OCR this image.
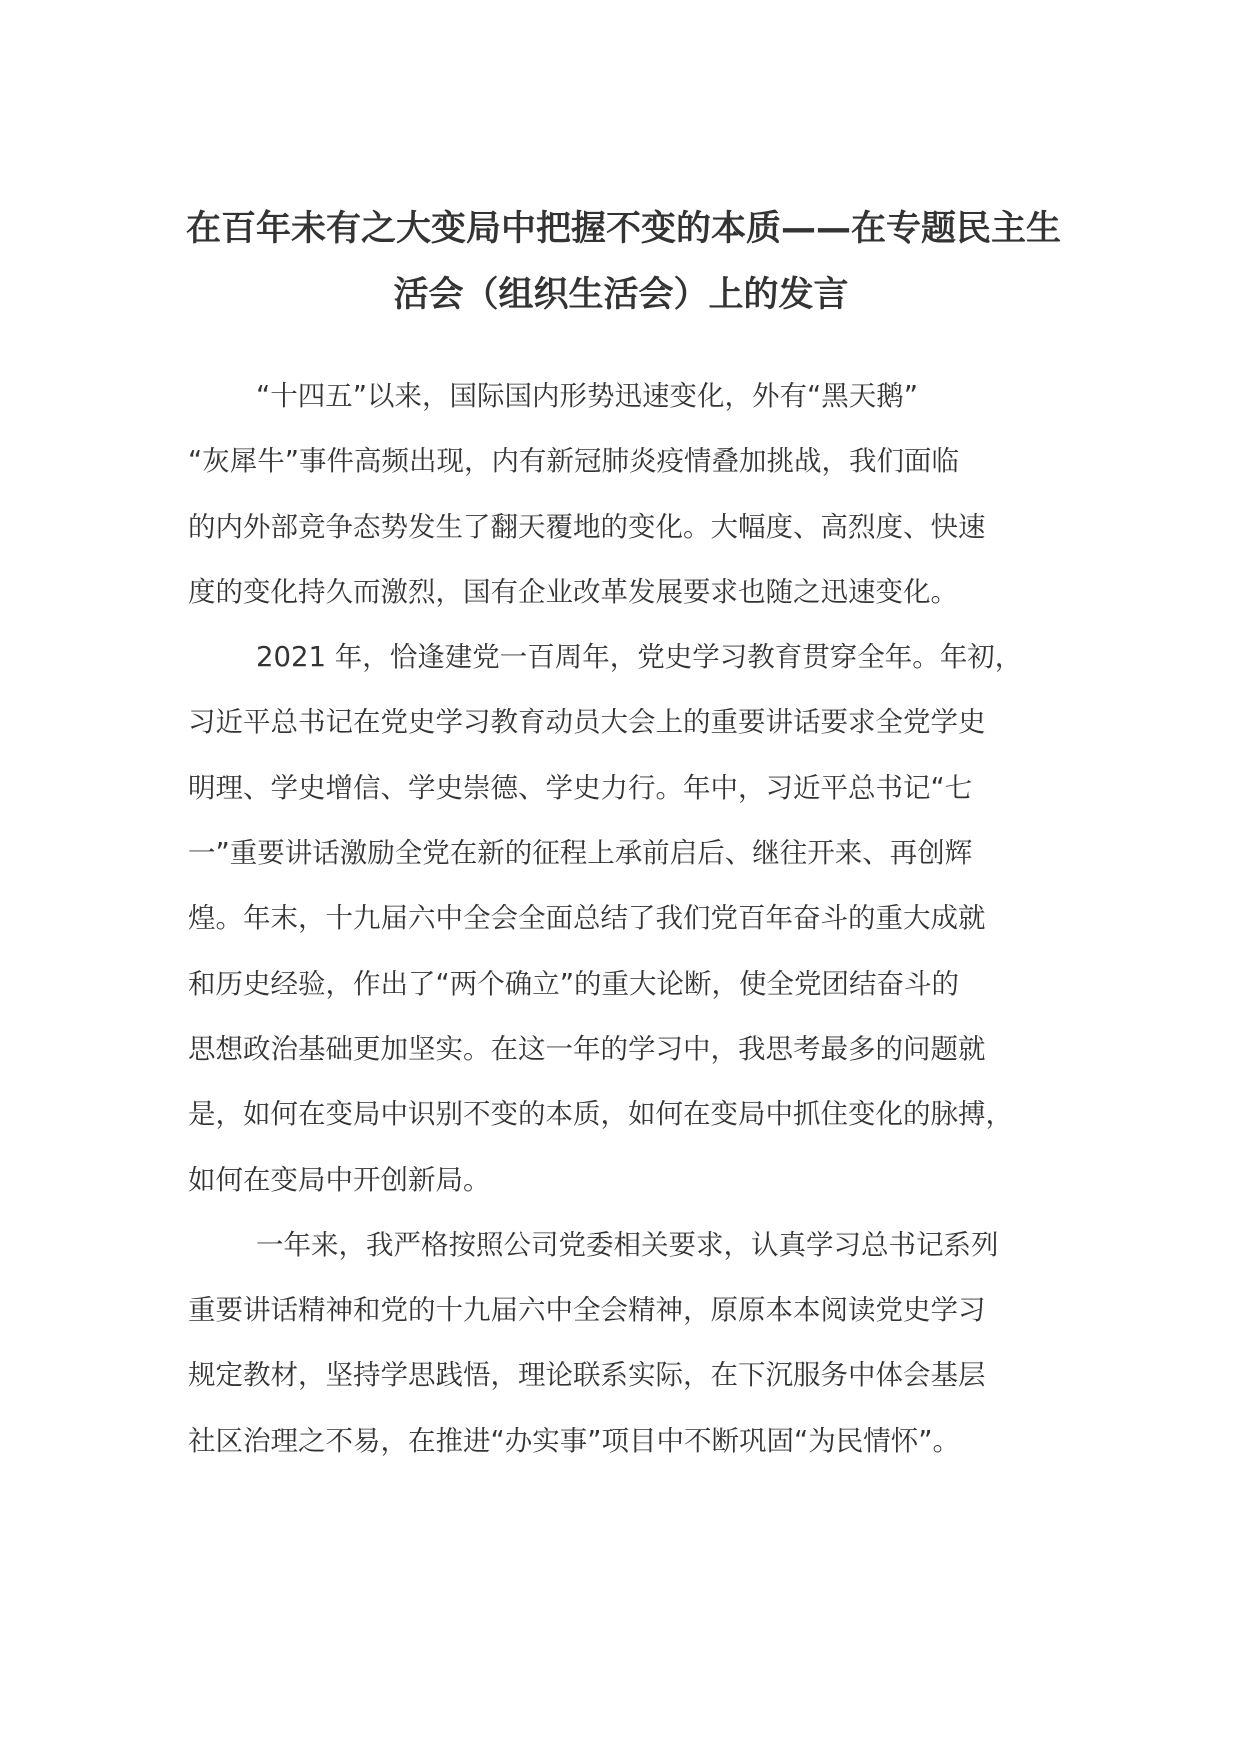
在百年未有之大变局中把握不变的本质——在专题民主生
活会（组织生活会）上的发言
“十四五”以来，国际国内形势迅速变化，外有“黑天鹅”
“灰犀牛”事件高频出现，内有新冠肺炎疫情叠加挑战，我们面临
的内外部竞争态势发生了翻天覆地的变化。大幅度、高烈度、快速
度的变化持久而激烈，国有企业改革发展要求也随之迅速变化。
2021 年，恰逢建党一百周年，党史学习教育贯穿全年。年初，
习近平总书记在党史学习教育动员大会上的重要讲话要求全党学史
明理、学史增信、学史崇德、学史力行。年中，习近平总书记“七
一”重要讲话激励全党在新的征程上承前启后、继往开来、再创辉
煌。年末，十九届六中全会全面总结了我们党百年奋斗的重大成就
和历史经验，作出了“两个确立”的重大论断，使全党团结奋斗的
思想政治基础更加坚实。在这一年的学习中，我思考最多的问题就
是，如何在变局中识别不变的本质，如何在变局中抓住变化的脉搏，
如何在变局中开创新局。
一年来，我严格按照公司党委相关要求，认真学习总书记系列
重要讲话精神和党的十九届六中全会精神，原原本本阅读党史学习
规定教材，坚持学思践悟，理论联系实际，在下沉服务中体会基层
社区治理之不易，在推进“办实事”项目中不断巩固“为民情怀”。
